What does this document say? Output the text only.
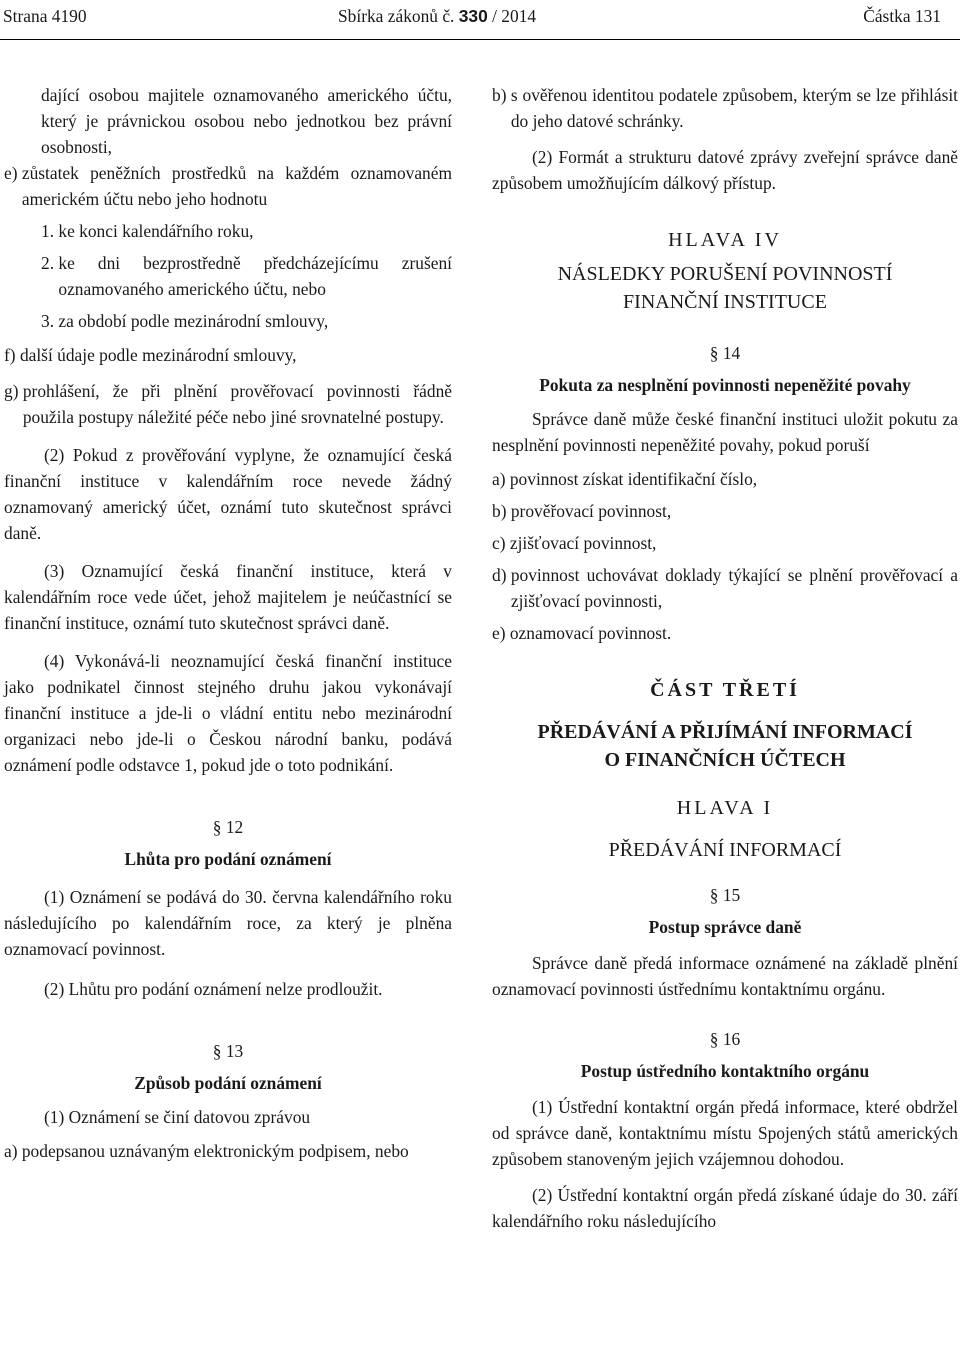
Strana 4190	Sbírka zákonů č. 330 / 2014	Částka 131

dající osobou majitele oznamovaného amerického účtu, který je právnickou osobou nebo jednotkou bez právní osobnosti,

e) zůstatek peněžních prostředků na každém oznamovaném americkém účtu nebo jeho hodnotu

1. ke konci kalendářního roku,

2. ke dni bezprostředně předcházejícímu zrušení oznamovaného amerického účtu, nebo

3. za období podle mezinárodní smlouvy,

f) další údaje podle mezinárodní smlouvy,
g) prohlášení, že při plnění prověřovací povinnosti řádně použila postupy náležité péče nebo jiné srovnatelné postupy.

(2) Pokud z prověřování vyplyne, že oznamující česká finanční instituce v kalendářním roce nevede žádný oznamovaný americký účet, oznámí tuto skutečnost správci daně.

(3) Oznamující česká finanční instituce, která v kalendářním roce vede účet, jehož majitelem je neúčastnící se finanční instituce, oznámí tuto skutečnost správci daně.

(4) Vykonává-li neoznamující česká finanční instituce jako podnikatel činnost stejného druhu jakou vykonávají finanční instituce a jde-li o vládní entitu nebo mezinárodní organizaci nebo jde-li o Českou národní banku, podává oznámení podle odstavce 1, pokud jde o toto podnikání.

§ 12

Lhůta pro podání oznámení

(1) Oznámení se podává do 30. června kalendářního roku následujícího po kalendářním roce, za který je plněna oznamovací povinnost.

(2) Lhůtu pro podání oznámení nelze prodloužit.

§ 13

Způsob podání oznámení

(1) Oznámení se činí datovou zprávou

a) podepsanou uznávaným elektronickým podpisem, nebo
b) s ověřenou identitou podatele způsobem, kterým se lze přihlásit do jeho datové schránky.

(2) Formát a strukturu datové zprávy zveřejní správce daně způsobem umožňujícím dálkový přístup.

HLAVA IV

NÁSLEDKY PORUŠENÍ POVINNOSTÍ FINANČNÍ INSTITUCE

§ 14

Pokuta za nesplnění povinnosti nepeněžité povahy

Správce daně může české finanční instituci uložit pokutu za nesplnění povinnosti nepeněžité povahy, pokud poruší

a) povinnost získat identifikační číslo,
b) prověřovací povinnost,
c) zjišťovací povinnost,
d) povinnost uchovávat doklady týkající se plnění prověřovací a zjišťovací povinnosti,
e) oznamovací povinnost.

ČÁST TŘETÍ

PŘEDÁVÁNÍ A PŘIJÍMÁNÍ INFORMACÍ

O FINANČNÍCH ÚČTECH

HLAVA I

PŘEDÁVÁNÍ INFORMACÍ

§ 15

Postup správce daně

Správce daně předá informace oznámené na základě plnění oznamovací povinnosti ústřednímu kontaktnímu orgánu.

§ 16

Postup ústředního kontaktního orgánu

(1) Ústřední kontaktní orgán předá informace, které obdržel od správce daně, kontaktnímu místu Spojených států amerických způsobem stanoveným jejich vzájemnou dohodou.

(2) Ústřední kontaktní orgán předá získané údaje do 30. září kalendářního roku následujícího
